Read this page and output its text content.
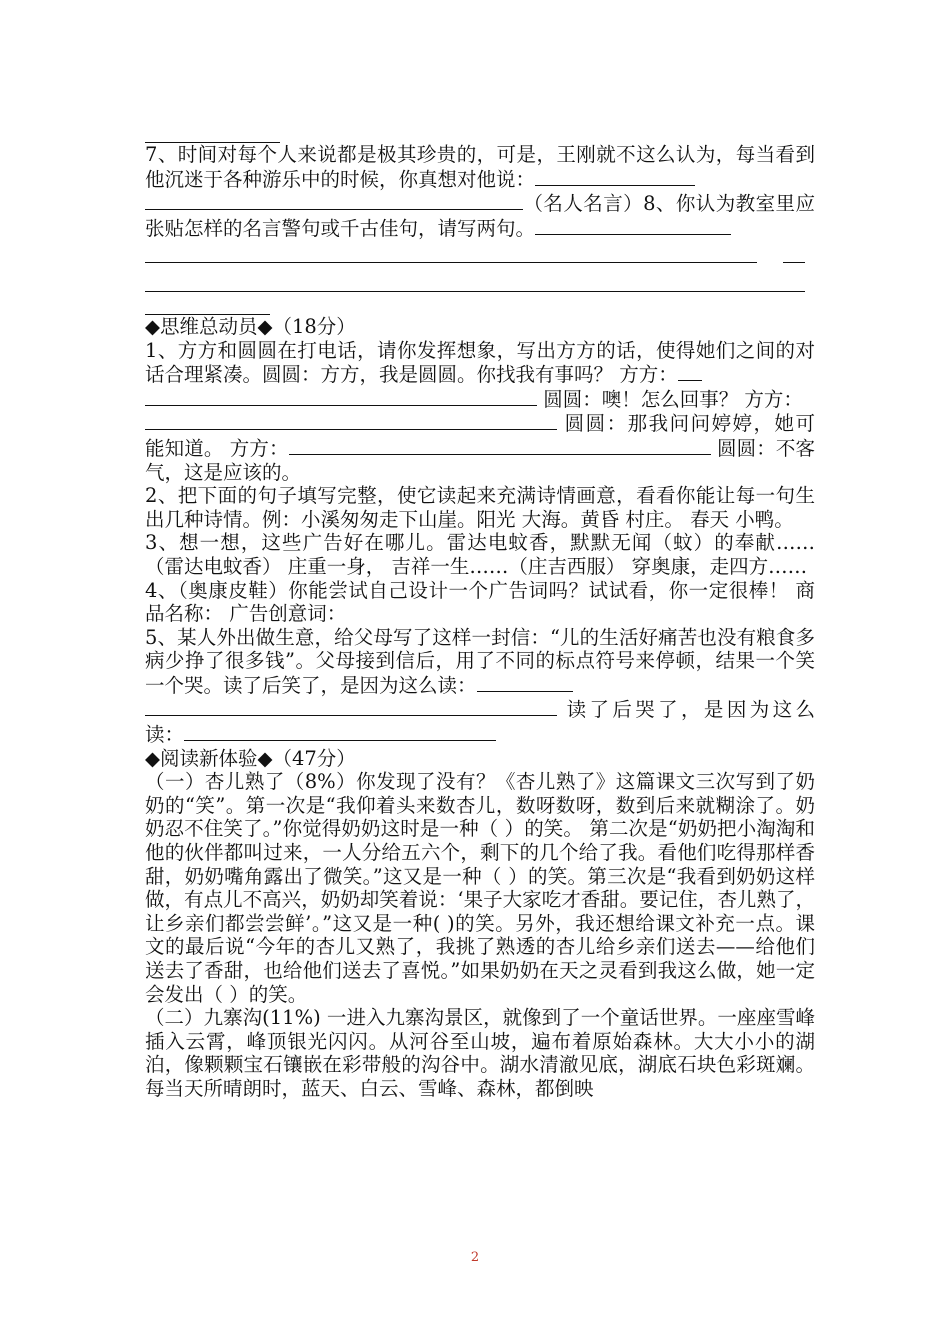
7、时间对每个人来说都是极其珍贵的，可是，王刚就不这么认为，每当看到他沉迷于各种游乐中的时候，你真想对他说：
（名人名言）8、你认为教室里应张贴怎样的名言警句或千古佳句，请写两句。

◆思维总动员◆（18分）

1、方方和圆圆在打电话，请你发挥想象，写出方方的话，使得她们之间的对话合理紧凑。圆圆：方方，我是圆圆。你找我有事吗？ 方方：
圆圆：噢！怎么回事？ 方方：
圆圆：那我问问婷婷，她可能知道。 方方：	圆圆：不客气，这是应该的。

2、把下面的句子填写完整，使它读起来充满诗情画意，看看你能让每一句生出几种诗情。例：小溪匆匆走下山崖。阳光 大海。黄昏 村庄。 春天 小鸭。

3、想一想，这些广告好在哪儿。雷达电蚊香，默默无闻（蚊）的奉献……                    （雷达电蚊香） 庄重一身， 吉祥一生……（庄吉西服） 穿奥康，走四方……

4、（奥康皮鞋）你能尝试自己设计一个广告词吗？试试看，你一定很棒！ 商品名称： 广告创意词：

5、某人外出做生意，给父母写了这样一封信：“儿的生活好痛苦也没有粮食多病少挣了很多钱”。父母接到信后，用了不同的标点符号来停顿，结果一个笑一个哭。读了后笑了，是因为这么读：
读了后哭了，是因为这么读：

◆阅读新体验◆（47分）

（一）杏儿熟了（8%）你发现了没有？《杏儿熟了》这篇课文三次写到了奶奶的“笑”。第一次是“我仰着头来数杏儿，数呀数呀，数到后来就糊涂了。奶奶忍不住笑了。”你觉得奶奶这时是一种（ ）的笑。 第二次是“奶奶把小淘淘和他的伙伴都叫过来，一人分给五六个，剩下的几个给了我。看他们吃得那样香甜，奶奶嘴角露出了微笑。”这又是一种（ ）的笑。第三次是“我看到奶奶这样做，有点儿不高兴，奶奶却笑着说：‘果子大家吃才香甜。要记住，杏儿熟了，让乡亲们都尝尝鲜’。”这又是一种( )的笑。另外，我还想给课文补充一点。课文的最后说“今年的杏儿又熟了，我挑了熟透的杏儿给乡亲们送去——给他们送去了香甜，也给他们送去了喜悦。”如果奶奶在天之灵看到我这么做，她一定会发出（ ）的笑。

（二）九寨沟(11%) 一进入九寨沟景区，就像到了一个童话世界。一座座雪峰插入云霄，峰顶银光闪闪。从河谷至山坡，遍布着原始森林。大大小小的湖泊，像颗颗宝石镶嵌在彩带般的沟谷中。湖水清澈见底，湖底石块色彩斑斓。每当天所晴朗时，蓝天、白云、雪峰、森林，都倒映

2
